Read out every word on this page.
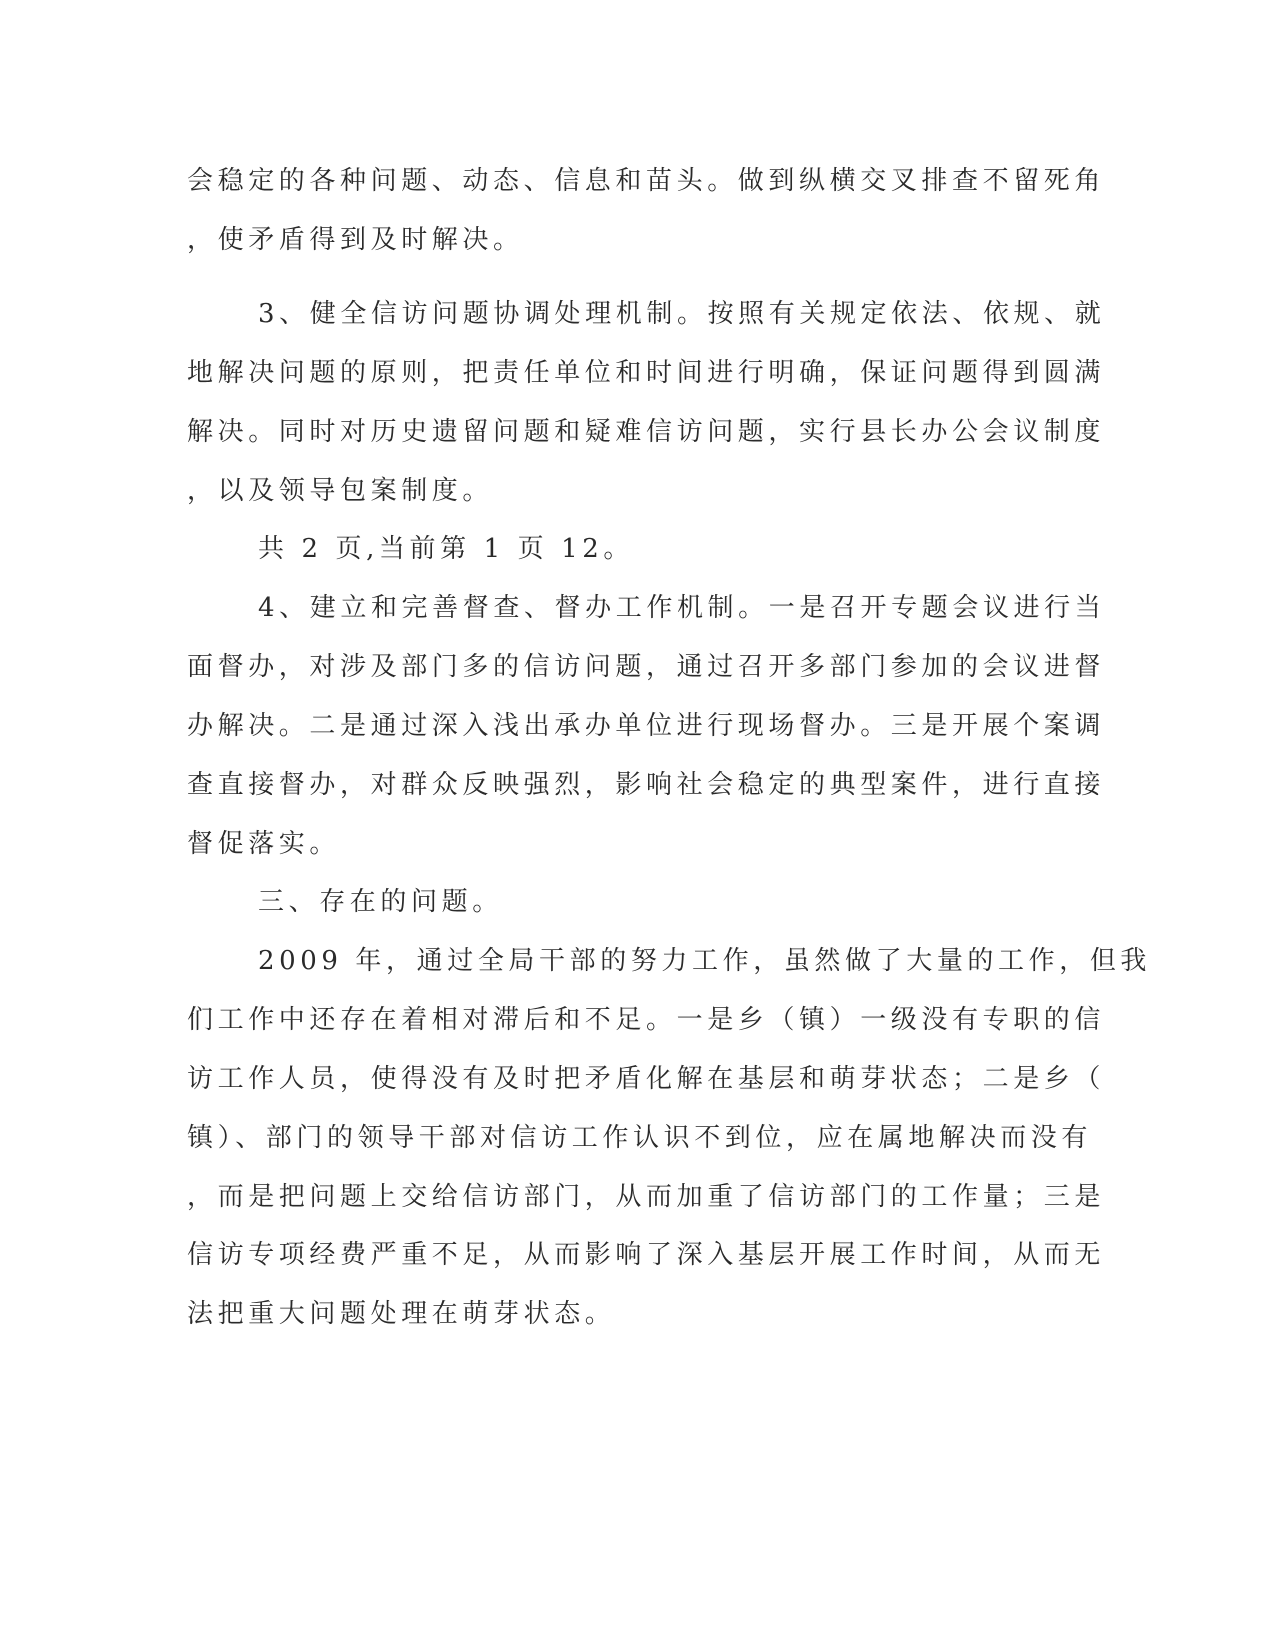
会稳定的各种问题、动态、信息和苗头。做到纵横交叉排查不留死角
，使矛盾得到及时解决。
3、健全信访问题协调处理机制。按照有关规定依法、依规、就
地解决问题的原则，把责任单位和时间进行明确，保证问题得到圆满
解决。同时对历史遗留问题和疑难信访问题，实行县长办公会议制度
，以及领导包案制度。
共 2 页,当前第 1 页 12。
4、建立和完善督查、督办工作机制。一是召开专题会议进行当
面督办，对涉及部门多的信访问题，通过召开多部门参加的会议进督
办解决。二是通过深入浅出承办单位进行现场督办。三是开展个案调
查直接督办，对群众反映强烈，影响社会稳定的典型案件，进行直接
督促落实。
三、存在的问题。
2009 年，通过全局干部的努力工作，虽然做了大量的工作，但我
们工作中还存在着相对滞后和不足。一是乡（镇）一级没有专职的信
访工作人员，使得没有及时把矛盾化解在基层和萌芽状态；二是乡（
镇）、部门的领导干部对信访工作认识不到位，应在属地解决而没有
，而是把问题上交给信访部门，从而加重了信访部门的工作量；三是
信访专项经费严重不足，从而影响了深入基层开展工作时间，从而无
法把重大问题处理在萌芽状态。
